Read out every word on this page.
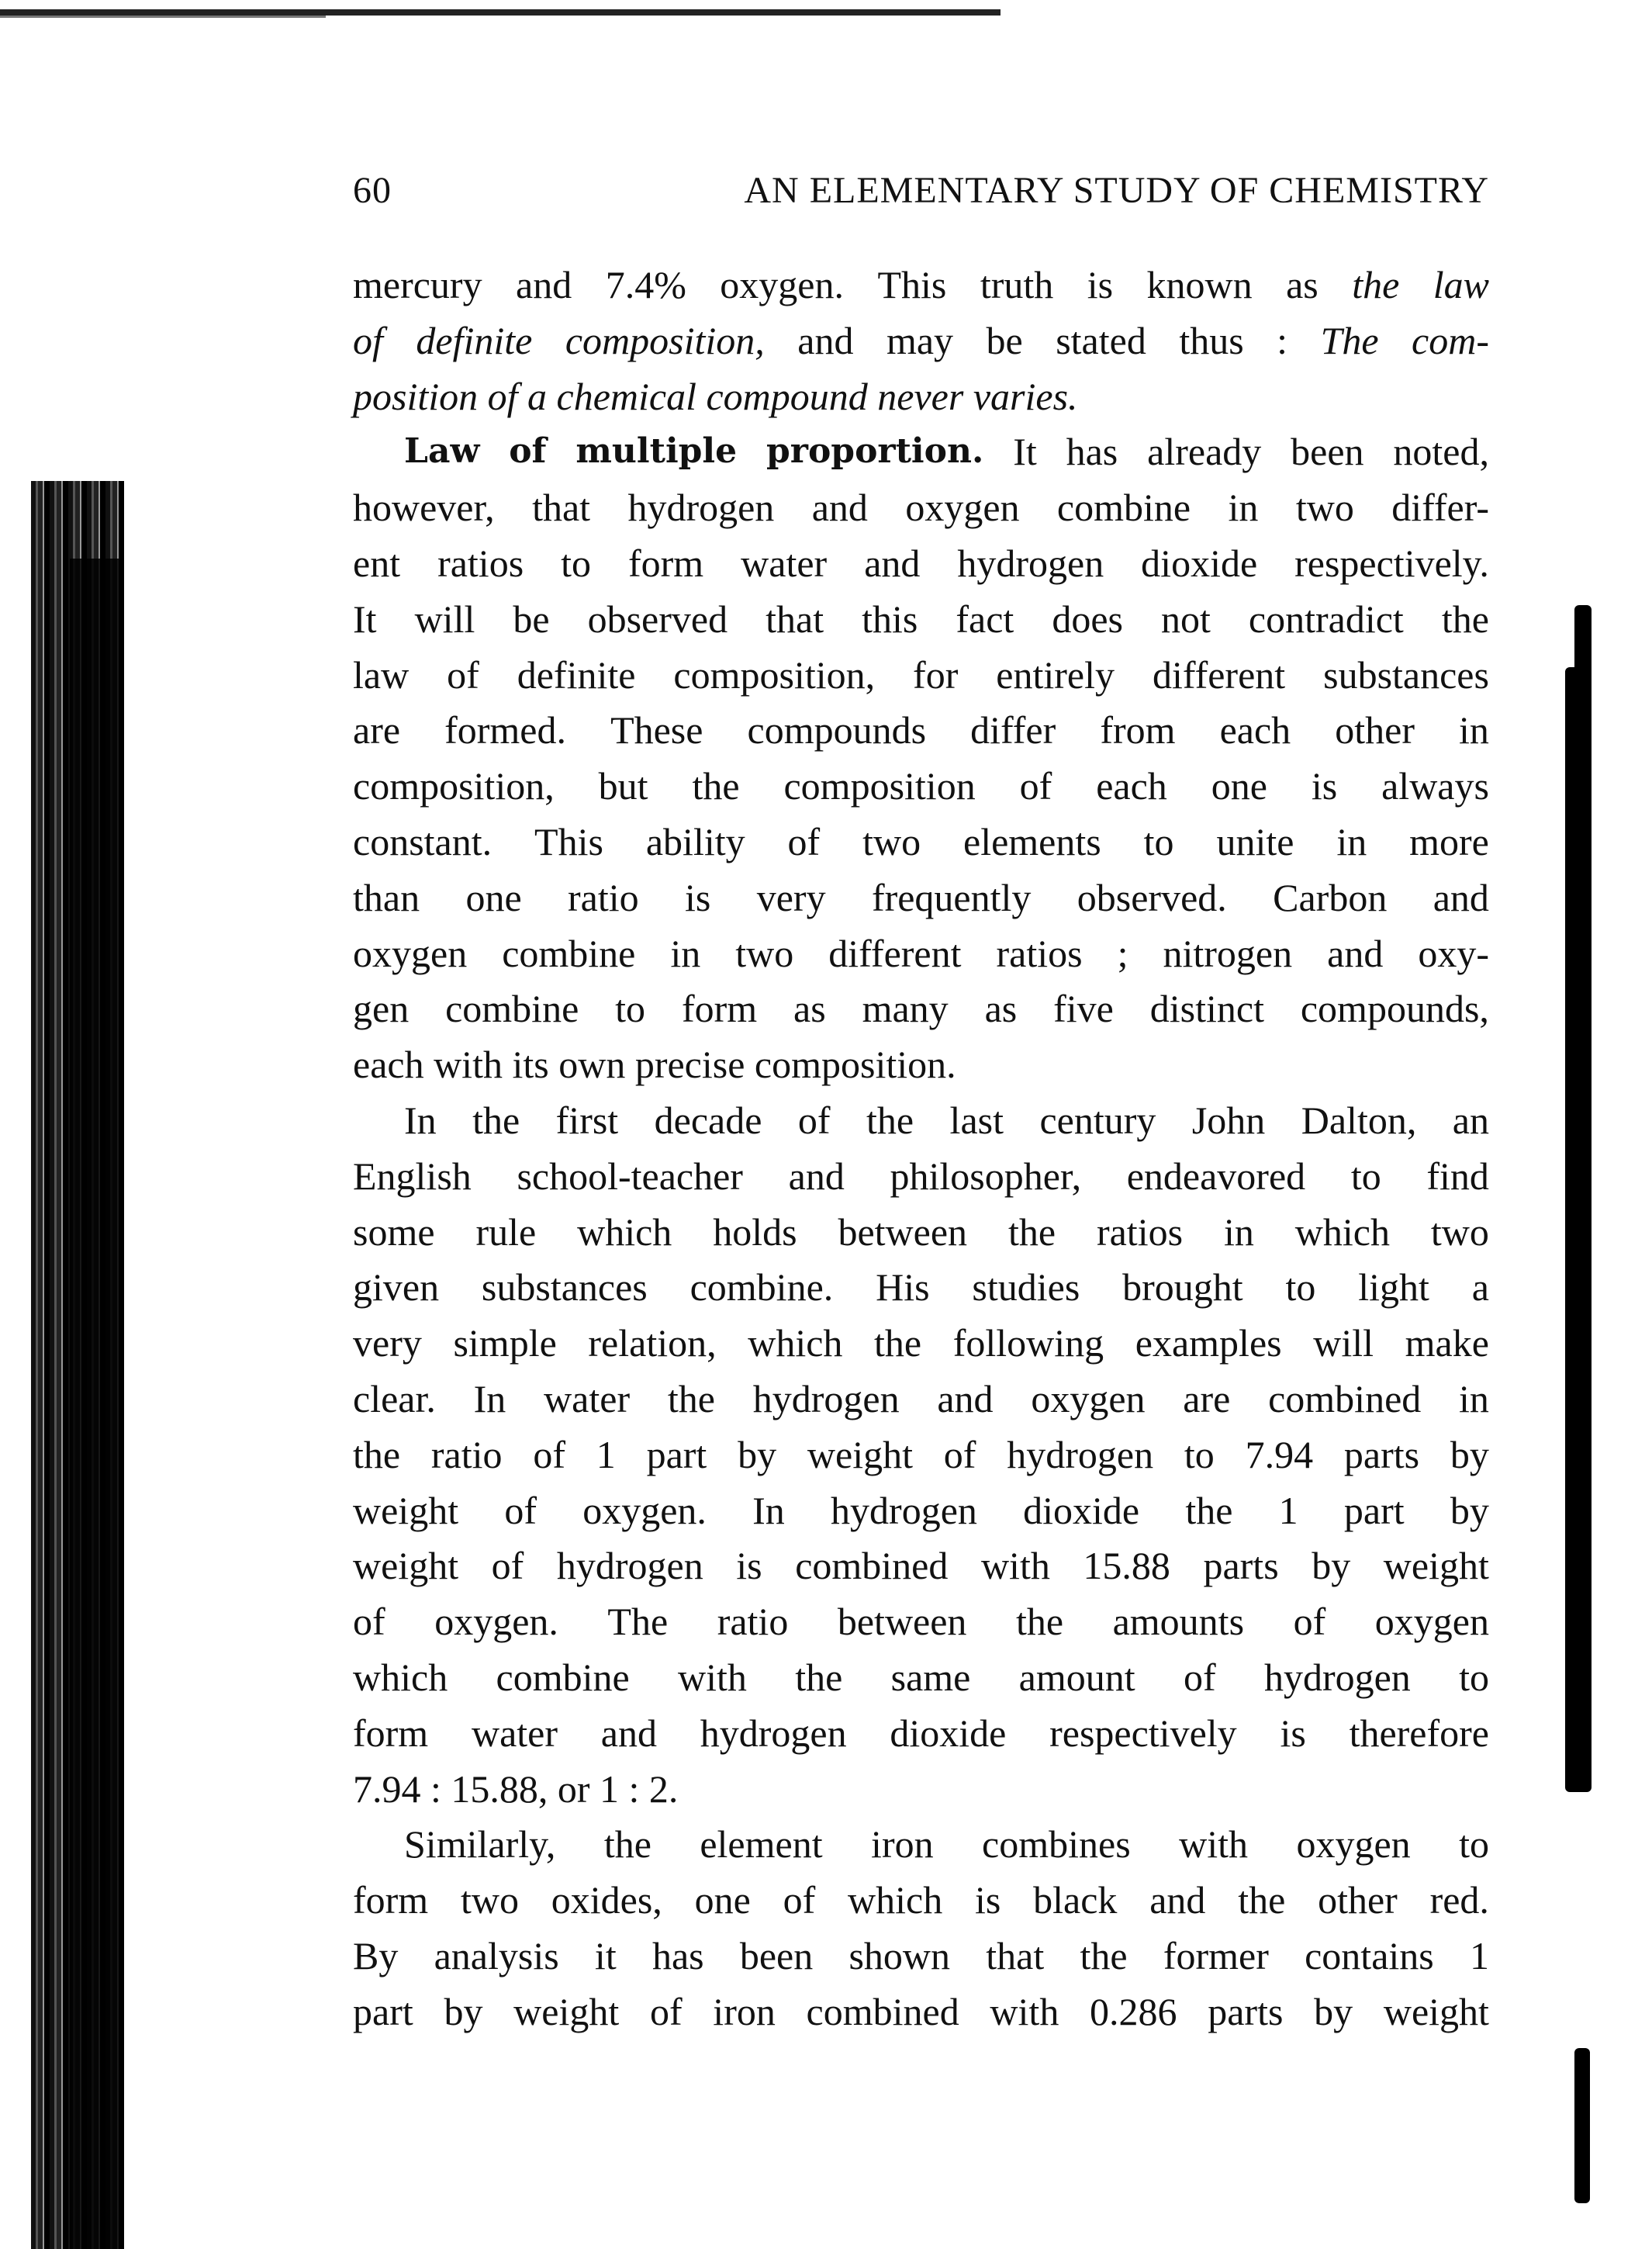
60	AN ELEMENTARY STUDY OF CHEMISTRY
mercury and 7.4% oxygen. This truth is known as the law
of definite composition, and may be stated thus : The com-
position of a chemical compound never varies.
Law of multiple proportion. It has already been noted,
however, that hydrogen and oxygen combine in two differ-
ent ratios to form water and hydrogen dioxide respectively.
It will be observed that this fact does not contradict the
law of definite composition, for entirely different substances
are formed. These compounds differ from each other in
composition, but the composition of each one is always
constant. This ability of two elements to unite in more
than one ratio is very frequently observed. Carbon and
oxygen combine in two different ratios ; nitrogen and oxy-
gen combine to form as many as five distinct compounds,
each with its own precise composition.
In the first decade of the last century John Dalton, an
English school-teacher and philosopher, endeavored to find
some rule which holds between the ratios in which two
given substances combine. His studies brought to light a
very simple relation, which the following examples will make
clear. In water the hydrogen and oxygen are combined in
the ratio of 1 part by weight of hydrogen to 7.94 parts by
weight of oxygen. In hydrogen dioxide the 1 part by
weight of hydrogen is combined with 15.88 parts by weight
of oxygen. The ratio between the amounts of oxygen
which combine with the same amount of hydrogen to
form water and hydrogen dioxide respectively is therefore
7.94 : 15.88, or 1 : 2.
Similarly, the element iron combines with oxygen to
form two oxides, one of which is black and the other red.
By analysis it has been shown that the former contains 1
part by weight of iron combined with 0.286 parts by weight
